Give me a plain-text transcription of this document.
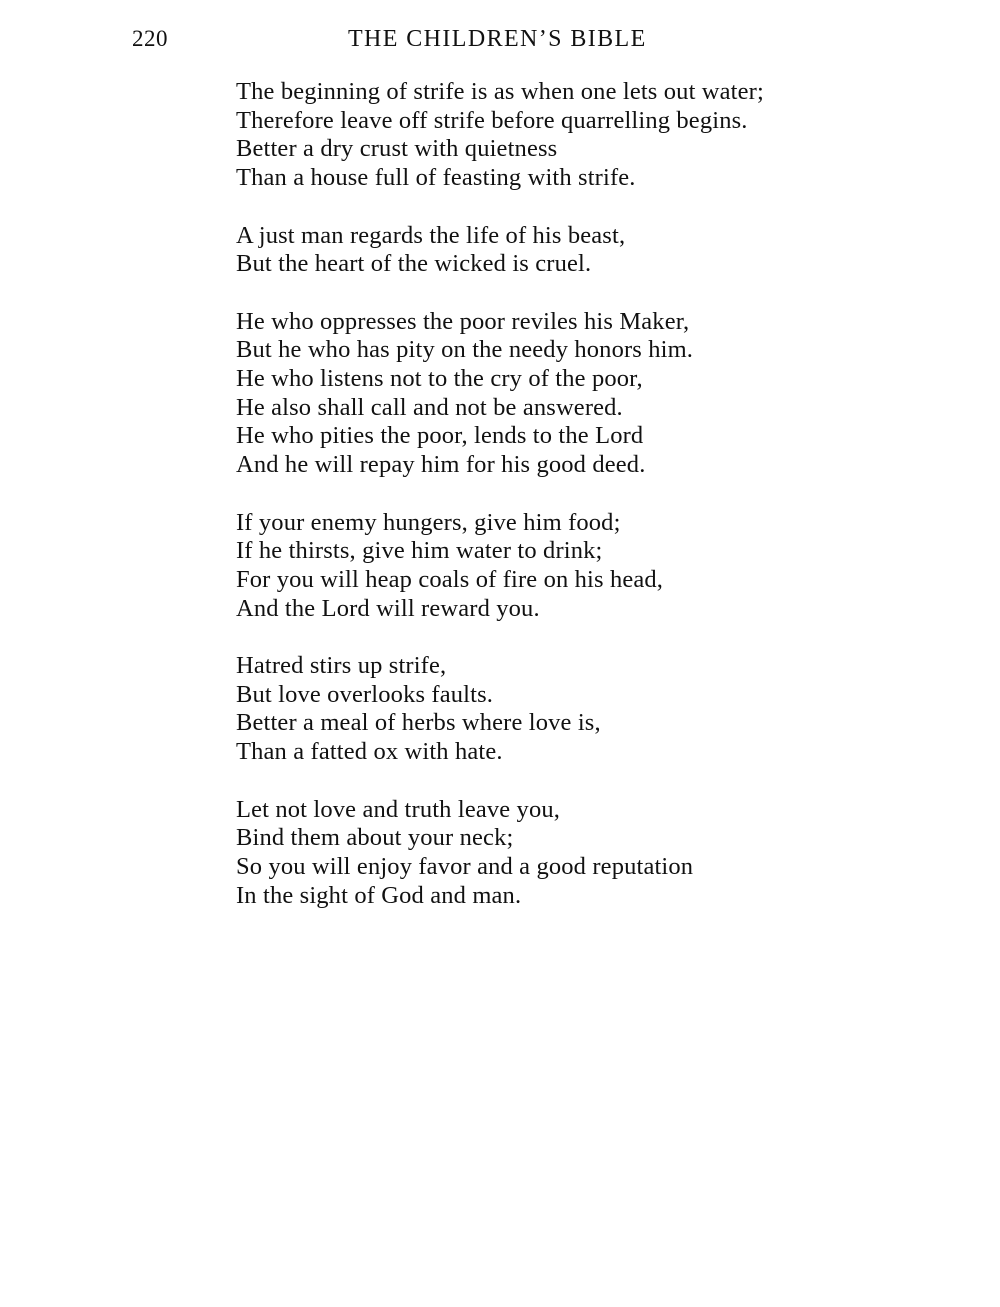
220	THE CHILDREN’S BIBLE
The beginning of strife is as when one lets out water;
Therefore leave off strife before quarrelling begins.
Better a dry crust with quietness
Than a house full of feasting with strife.
A just man regards the life of his beast,
But the heart of the wicked is cruel.
He who oppresses the poor reviles his Maker,
But he who has pity on the needy honors him.
He who listens not to the cry of the poor,
He also shall call and not be answered.
He who pities the poor, lends to the Lord
And he will repay him for his good deed.
If your enemy hungers, give him food;
If he thirsts, give him water to drink;
For you will heap coals of fire on his head,
And the Lord will reward you.
Hatred stirs up strife,
But love overlooks faults.
Better a meal of herbs where love is,
Than a fatted ox with hate.
Let not love and truth leave you,
Bind them about your neck;
So you will enjoy favor and a good reputation
In the sight of God and man.
